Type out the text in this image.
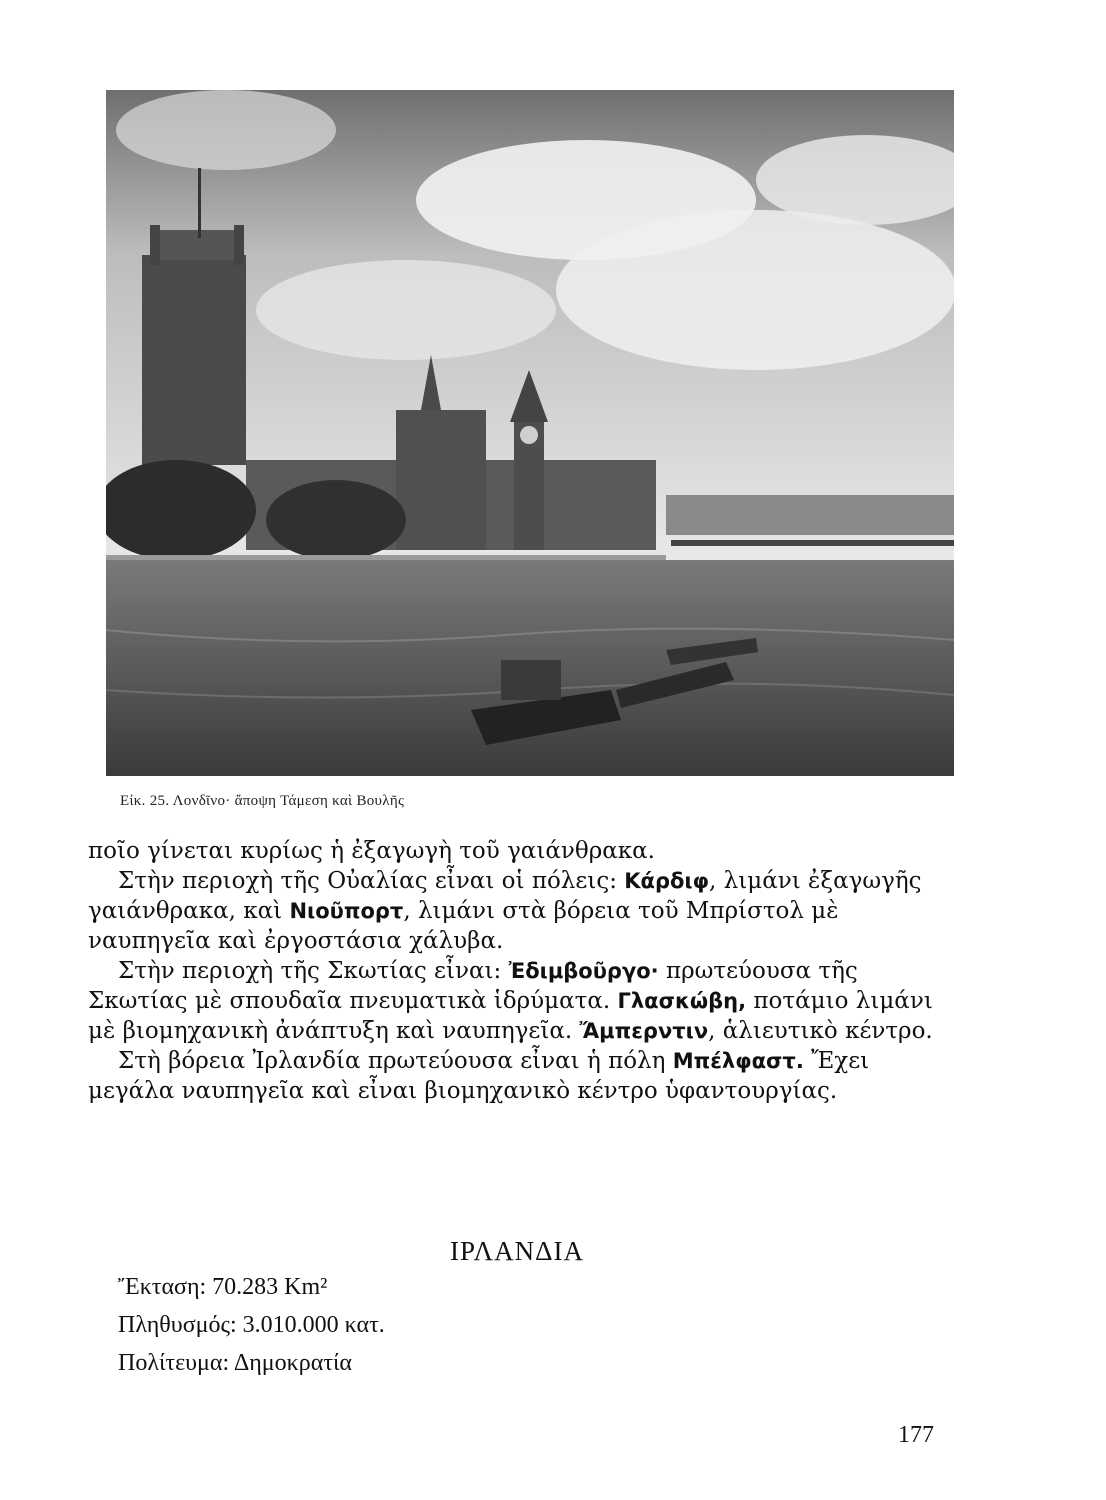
Εἰκ. 25. Λονδῖνο· ἄποψη Τάμεση καὶ Βουλῆς

ποῖο γίνεται κυρίως ἡ ἐξαγωγὴ τοῦ γαιάνθρακα.

Στὴν περιοχὴ τῆς Οὐαλίας εἶναι οἱ πόλεις: Κάρδιφ, λιμάνι ἐξαγωγῆς γαιάνθρακα, καὶ Νιοῦπορτ, λιμάνι στὰ βόρεια τοῦ Μπρίστολ μὲ ναυπηγεῖα καὶ ἐργοστάσια χάλυβα.

Στὴν περιοχὴ τῆς Σκωτίας εἶναι: Ἐδιμβοῦργο· πρωτεύουσα τῆς Σκωτίας μὲ σπουδαῖα πνευματικὰ ἱδρύματα. Γλασκώβη, ποτάμιο λιμάνι μὲ βιομηχανικὴ ἀνάπτυξη καὶ ναυπηγεῖα. Ἄμπερντιν, ἁλιευτικὸ κέντρο.

Στὴ βόρεια Ἰρλανδία πρωτεύουσα εἶναι ἡ πόλη Μπέλφαστ. Ἔχει μεγάλα ναυπηγεῖα καὶ εἶναι βιομηχανικὸ κέντρο ὑφαντουργίας.

ΙΡΛΑΝΔΙΑ
Ἔκταση: 70.283 Km²
Πληθυσμός: 3.010.000 κατ.
Πολίτευμα: Δημοκρατία
177
